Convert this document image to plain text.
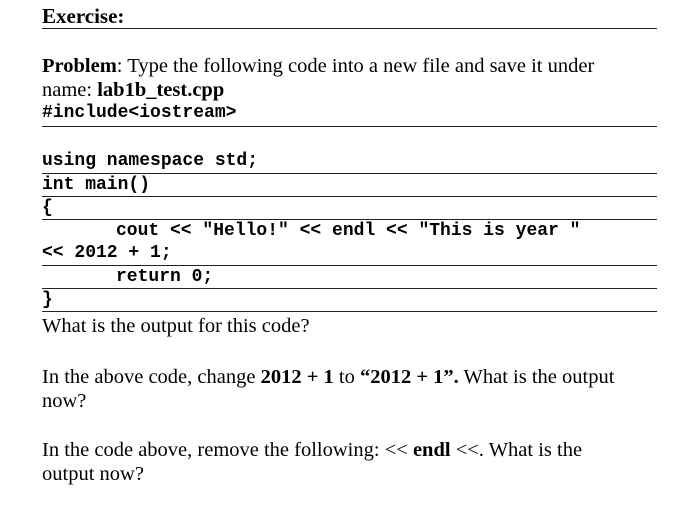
Exercise:
Problem: Type the following code into a new file and save it under
name: lab1b_test.cpp
#include<iostream>
using namespace std;
int main()
{
cout << "Hello!" << endl << "This is year "
<< 2012 + 1;
return 0;
}
What is the output for this code?
In the above code, change 2012 + 1 to “2012 + 1”. What is the output
now?
In the code above, remove the following: << endl <<. What is the
output now?
